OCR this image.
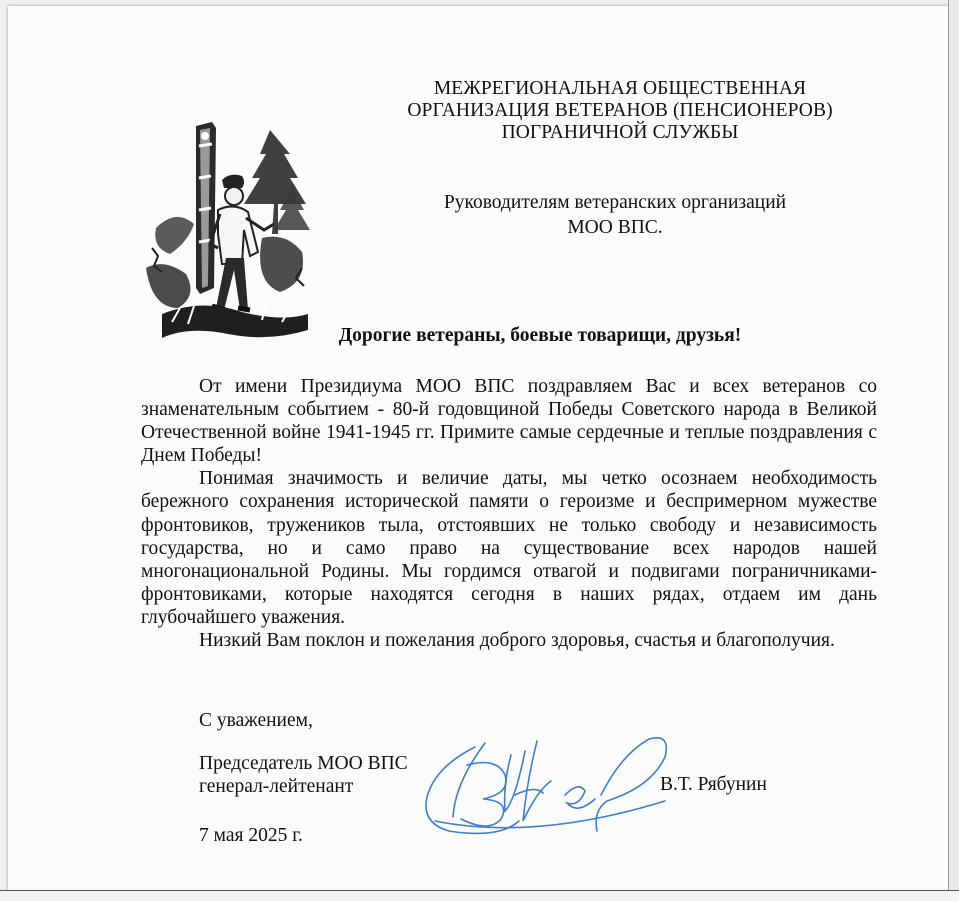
МЕЖРЕГИОНАЛЬНАЯ ОБЩЕСТВЕННАЯ
ОРГАНИЗАЦИЯ ВЕТЕРАНОВ (ПЕНСИОНЕРОВ)
ПОГРАНИЧНОЙ СЛУЖБЫ
Руководителям ветеранских организаций
МОО ВПС.
Дорогие ветераны, боевые товарищи, друзья!

От имени Президиума МОО ВПС поздравляем Вас и всех ветеранов со знаменательным событием - 80-й годовщиной Победы Советского народа в Великой Отечественной войне 1941-1945 гг. Примите самые сердечные и теплые поздравления с Днем Победы!

Понимая значимость и величие даты, мы четко осознаем необходимость бережного сохранения исторической памяти о героизме и беспримерном мужестве фронтовиков, тружеников тыла, отстоявших не только свободу и независимость государства, но и само право на существование всех народов нашей многонациональной Родины. Мы гордимся отвагой и подвигами пограничниками-фронтовиками, которые находятся сегодня в наших рядах, отдаем им дань глубочайшего уважения.

Низкий Вам поклон и пожелания доброго здоровья, счастья и благополучия.

С уважением,
Председатель МОО ВПС
генерал-лейтенант	В.Т. Рябунин
7 мая 2025 г.
